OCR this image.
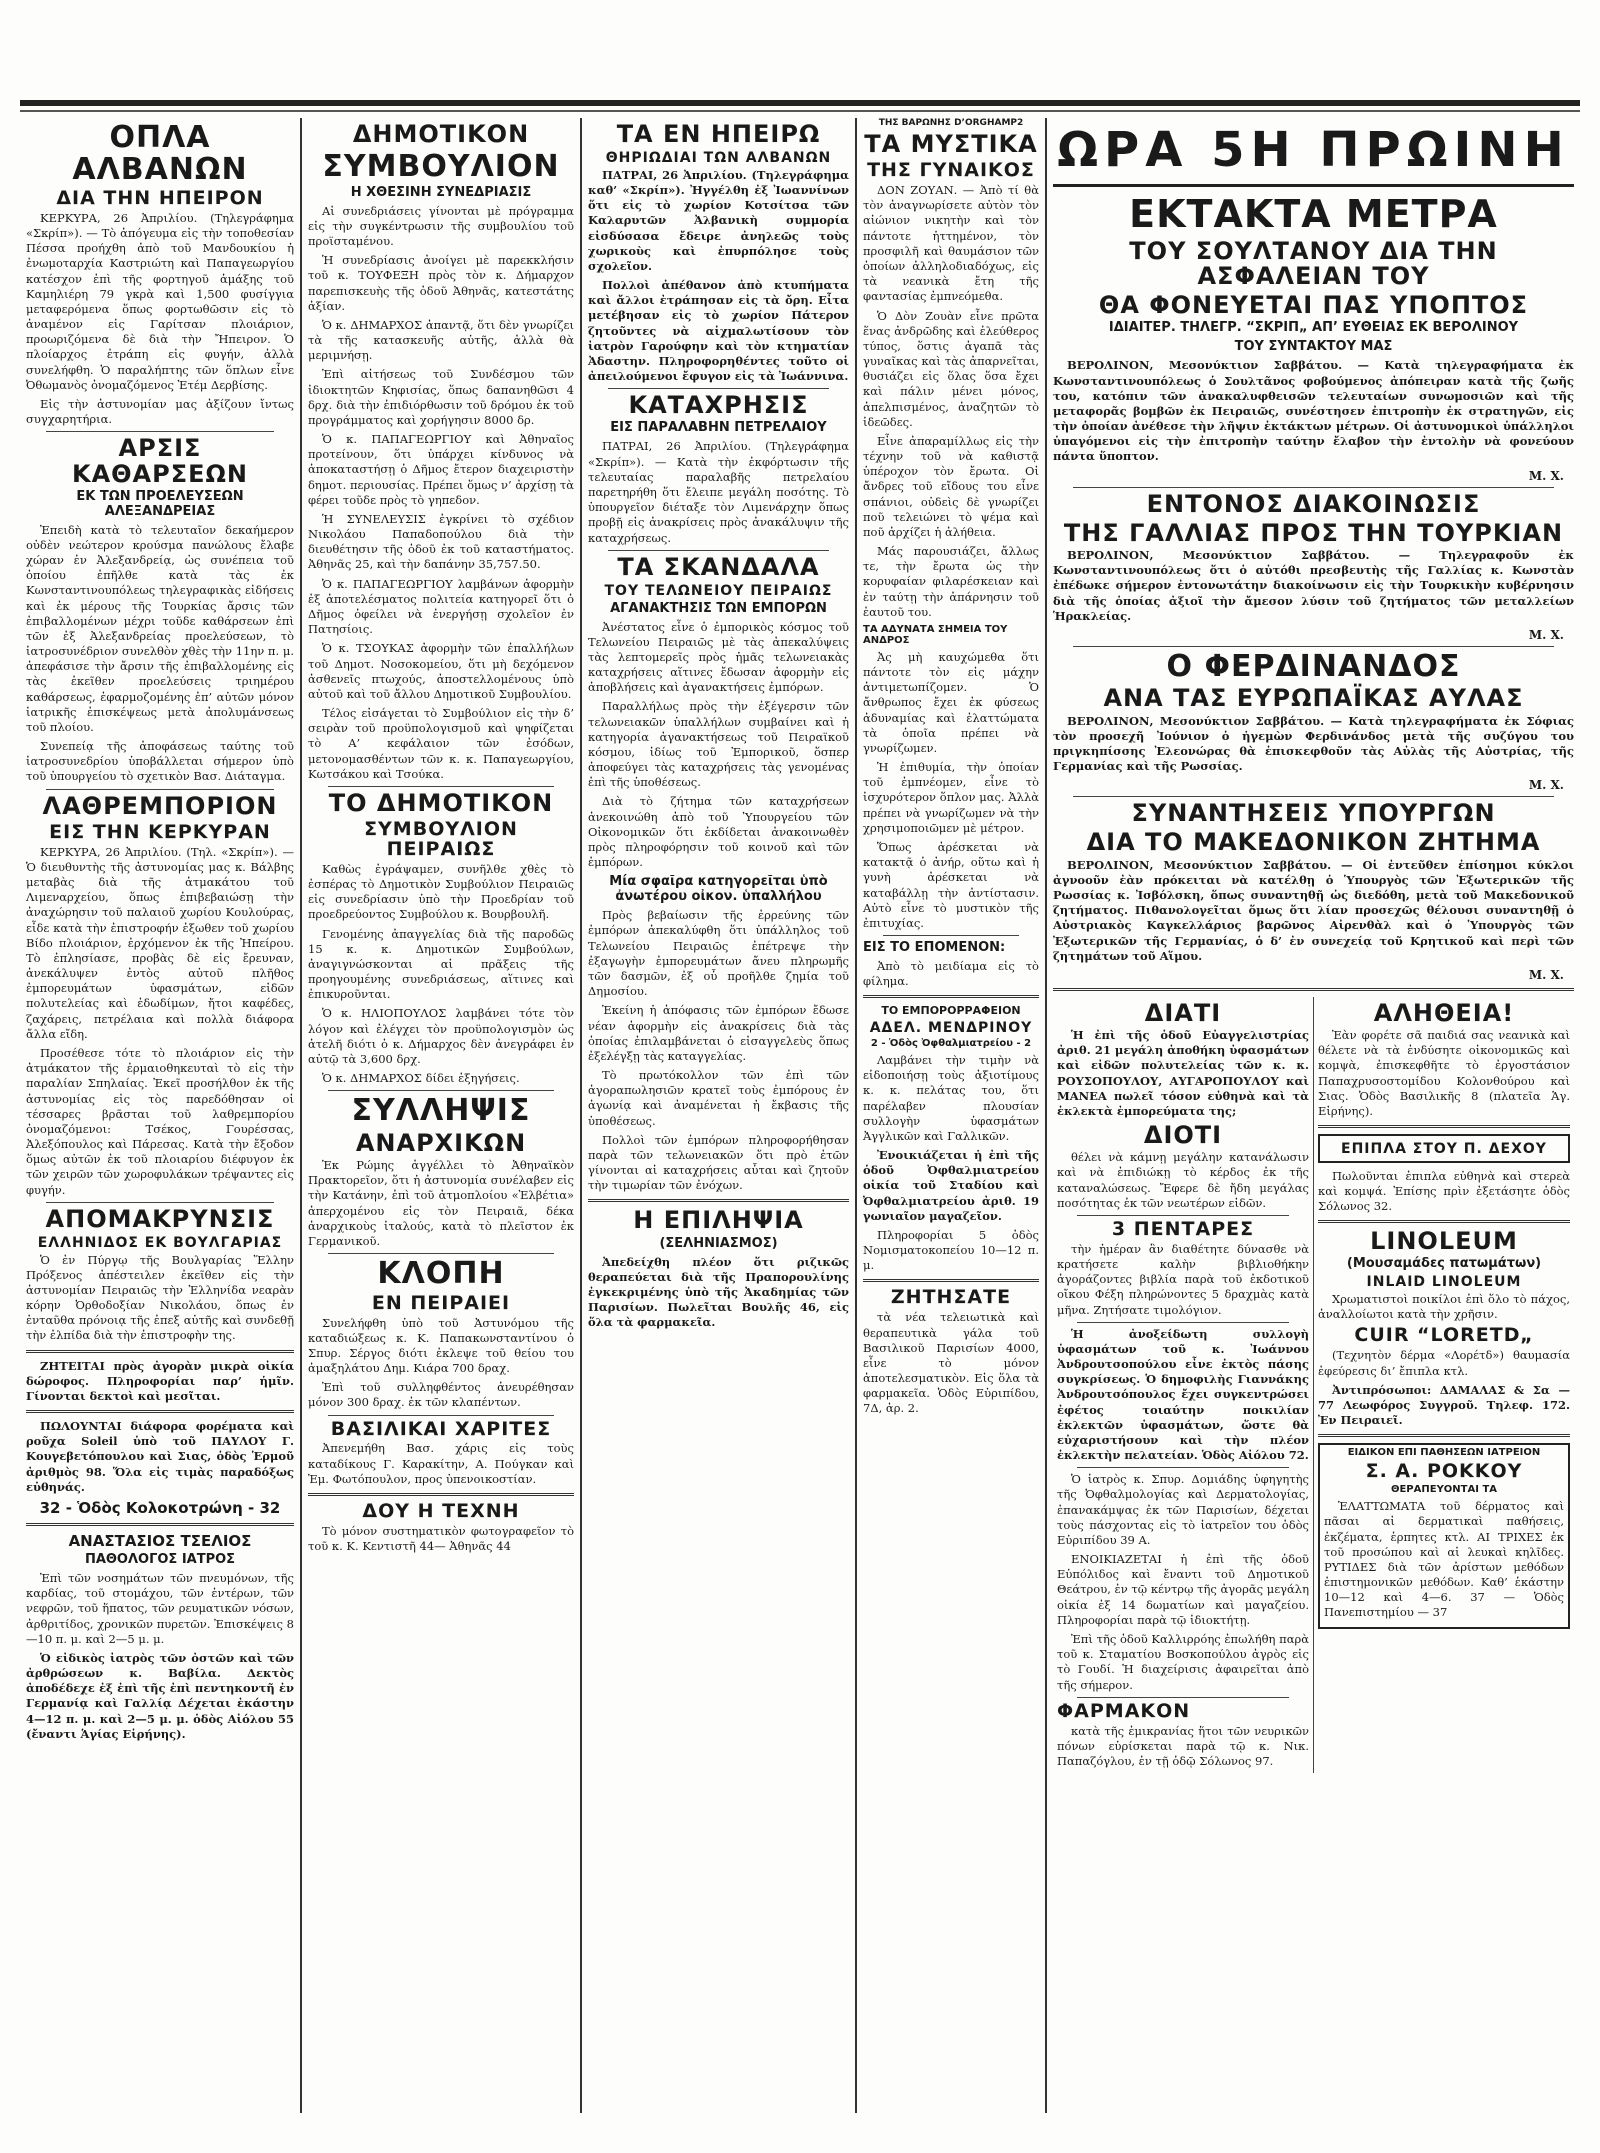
ΟΠΛΑ ΑΛΒΑΝΩΝ
ΔΙΑ ΤΗΝ ΗΠΕΙΡΟΝ

ΚΕΡΚΥΡΑ, 26 Ἀπριλίου. (Τηλεγράφημα «Σκρίπ»). — Τὸ ἀπόγευμα εἰς τὴν τοποθεσίαν Πέσσα προήχθη ἀπὸ τοῦ Μανδουκίου ἡ ἐνωμοταρχία Καστριώτη καὶ Παπαγεωργίου κατέσχον ἐπὶ τῆς φορτηγοῦ ἁμάξης τοῦ Καμηλιέρη 79 γκρὰ καὶ 1,500 φυσίγγια μεταφερόμενα ὅπως φορτωθῶσιν εἰς τὸ ἀναμένον εἰς Γαρίτσαν πλοιάριον, προωριζόμενα δὲ διὰ τὴν Ἤπειρον. Ὁ πλοίαρχος ἐτράπη εἰς φυγήν, ἀλλὰ συνελήφθη. Ὁ παραλήπτης τῶν ὅπλων εἶνε Ὀθωμανὸς ὀνομαζόμενος Ἐτέμ Δερβίσης.

Εἰς τὴν ἀστυνομίαν μας ἀξίζουν ἴντως συγχαρητήρια.

ΑΡΣΙΣ ΚΑΘΑΡΣΕΩΝ
ΕΚ ΤΩΝ ΠΡΟΕΛΕΥΣΕΩΝ ΑΛΕΞΑΝΔΡΕΙΑΣ

Ἐπειδὴ κατὰ τὸ τελευταῖον δεκαήμερον οὐδὲν νεώτερον κρούσμα πανώλους ἔλαβε χώραν ἐν Ἀλεξανδρείᾳ, ὡς συνέπεια τοῦ ὁποίου ἐπῆλθε κατὰ τὰς ἐκ Κωνσταντινουπόλεως τηλεγραφικὰς εἰδήσεις καὶ ἐκ μέρους τῆς Τουρκίας ἄρσις τῶν ἐπιβαλλομένων μέχρι τοῦδε καθάρσεων ἐπὶ τῶν ἐξ Ἀλεξανδρείας προελεύσεων, τὸ ἰατροσυνέδριον συνελθὸν χθὲς τὴν 11ην π. μ. ἀπεφάσισε τὴν ἄρσιν τῆς ἐπιβαλλομένης εἰς τὰς ἐκεῖθεν προελεύσεις τριημέρου καθάρσεως, ἐφαρμοζομένης ἐπ’ αὐτῶν μόνον ἰατρικῆς ἐπισκέψεως μετὰ ἀπολυμάνσεως τοῦ πλοίου.

Συνεπείᾳ τῆς ἀποφάσεως ταύτης τοῦ ἰατροσυνεδρίου ὑποβάλλεται σήμερον ὑπὸ τοῦ ὑπουργείου τὸ σχετικὸν Βασ. Διάταγμα.

ΛΑΘΡΕΜΠΟΡΙΟΝ
ΕΙΣ ΤΗΝ ΚΕΡΚΥΡΑΝ

ΚΕΡΚΥΡΑ, 26 Ἀπριλίου. (Τηλ. «Σκρίπ»). — Ὁ διευθυντὴς τῆς ἀστυνομίας μας κ. Βάλβης μεταβὰς διὰ τῆς ἀτμακάτου τοῦ Λιμεναρχείου, ὅπως ἐπιβεβαιώσῃ τὴν ἀναχώρησιν τοῦ παλαιοῦ χωρίου Κουλούρας, εἶδε κατὰ τὴν ἐπιστροφήν ἐξωθεν τοῦ χωρίου Βίδο πλοιάριον, ἐρχόμενον ἐκ τῆς Ἠπείρου. Τὸ ἐπλησίασε, προβὰς δὲ εἰς ἔρευναν, ἀνεκάλυψεν ἐντὸς αὐτοῦ πλῆθος ἐμπορευμάτων ὑφασμάτων, εἰδῶν πολυτελείας καὶ ἐδωδίμων, ἤτοι καφέδες, ζαχάρεις, πετρέλαια καὶ πολλὰ διάφορα ἄλλα εἴδη.

Προσέθεσε τότε τὸ πλοιάριον εἰς τὴν ἀτμάκατον τῆς ἐρμαιοθηκευταὶ τὸ εἰς τὴν παραλίαν Σπηλαίας. Ἐκεῖ προσήλθον ἐκ τῆς ἀστυνομίας εἰς τὸς παρεδόθησαν οἱ τέσσαρες βρᾶσται τοῦ λαθρεμπορίου ὀνομαζόμενοι: Τσέκος, Γουρέσσας, Ἀλεξόπουλος καὶ Πάρεσας. Κατὰ τὴν ἔξοδον ὅμως αὐτῶν ἐκ τοῦ πλοιαρίου διέφυγον ἐκ τῶν χειρῶν τῶν χωροφυλάκων τρέψαντες εἰς φυγήν.

ΑΠΟΜΑΚΡΥΝΣΙΣ
ΕΛΛΗΝΙΔΟΣ ΕΚ ΒΟΥΛΓΑΡΙΑΣ

Ὁ ἐν Πύργῳ τῆς Βουλγαρίας Ἕλλην Πρόξενος ἀπέστειλεν ἐκεῖθεν εἰς τὴν ἀστυνομίαν Πειραιῶς τὴν Ἑλληνίδα νεαρὰν κόρην Ὀρθοδοξίαν Νικολάου, ὅπως ἐν ἐνταῦθα πρόνοιᾳ τῆς ἐπεξ αὐτῆς καὶ συνδεθῇ τὴν ἐλπίδα διὰ τὴν ἐπιστροφὴν της.

ΖΗΤΕΙΤΑΙ πρὸς ἀγορὰν μικρὰ οἰκία δώροφος. Πληροφορίαι παρ’ ἡμῖν. Γίνονται δεκτοὶ καὶ μεσῖται.

ΠΩΛΟΥΝΤΑΙ διάφορα φορέματα καὶ ροῦχα Soleil ὑπὸ τοῦ ΠΑΥΛΟΥ Γ. Κουγεβετόπουλου καὶ Σιας, ὁδὸς Ἑρμοῦ ἀριθμὸς 98. Ὅλα εἰς τιμὰς παραδόξως εὐθηνάς.

32 - Ὁδὸς Κολοκοτρώνη - 32
ΑΝΑΣΤΑΣΙΟΣ ΤΣΕΛΙΟΣ
ΠΑΘΟΛΟΓΟΣ ΙΑΤΡΟΣ

Ἐπὶ τῶν νοσημάτων τῶν πνευμόνων, τῆς καρδίας, τοῦ στομάχου, τῶν ἐντέρων, τῶν νεφρῶν, τοῦ ἥπατος, τῶν ρευματικῶν νόσων, ἀρθριτίδος, χρονικῶν πυρετῶν. Ἐπισκέψεις 8—10 π. μ. καὶ 2—5 μ. μ.

Ὁ εἰδικὸς ἰατρὸς τῶν ὀστῶν καὶ τῶν ἀρθρώσεων κ. Βαβίλα. Δεκτὸς ἀποδέδεχε ἐξ ἐπὶ τῆς ἐπὶ πεντηκοντῆ ἐν Γερμανίᾳ καὶ Γαλλίᾳ Δέχεται ἐκάστην 4—12 π. μ. καὶ 2—5 μ. μ. ὁδὸς Αἰόλου 55 (ἔναντι Ἁγίας Εἰρήνης).

ΔΗΜΟΤΙΚΟΝ
ΣΥΜΒΟΥΛΙΟΝ
Η ΧΘΕΣΙΝΗ ΣΥΝΕΔΡΙΑΣΙΣ

Αἱ συνεδριάσεις γίνονται μὲ πρόγραμμα εἰς τὴν συγκέντρωσιν τῆς συμβουλίου τοῦ προϊσταμένου.

Ἡ συνεδρίασις ἀνοίγει μὲ παρεκκλήσιν τοῦ κ. ΤΟΥΦΕΞΗ πρὸς τὸν κ. Δήμαρχον παρεπισκευὴς τῆς ὁδοῦ Ἀθηνᾶς, κατεστάτης ἀξίαν.

Ὁ κ. ΔΗΜΑΡΧΟΣ ἀπαντᾷ, ὅτι δὲν γνωρίζει τὰ τῆς κατασκευῆς αὐτῆς, ἀλλὰ θὰ μεριμνήσῃ.

Ἐπὶ αἰτήσεως τοῦ Συνδέσμου τῶν ἰδιοκτητῶν Κηφισίας, ὅπως δαπανηθῶσι 4 δρχ. διὰ τὴν ἐπιδιόρθωσιν τοῦ δρόμου ἐκ τοῦ προγράμματος καὶ χορήγησιν 8000 δρ.

Ὁ κ. ΠΑΠΑΓΕΩΡΓΙΟΥ καὶ Ἀθηναῖος προτείνουν, ὅτι ὑπάρχει κίνδυνος νὰ ἀποκαταστήσῃ ὁ Δῆμος ἔτερον διαχειριστὴν δημοτ. περιουσίας. Πρέπει ὅμως ν’ ἀρχίσῃ τὰ φέρει τοῦδε πρὸς τὸ γηπεδον.

Ἡ ΣΥΝΕΛΕΥΣΙΣ ἐγκρίνει τὸ σχέδιον Νικολάου Παπαδοπούλου διὰ τὴν διευθέτησιν τῆς ὁδοῦ ἐκ τοῦ καταστήματος. Ἀθηνᾶς 25, καὶ τὴν δαπάνην 35,757.50.

Ὁ κ. ΠΑΠΑΓΕΩΡΓΙΟΥ λαμβάνων ἀφορμὴν ἐξ ἀποτελέσματος πολιτεία κατηγορεῖ ὅτι ὁ Δῆμος ὀφείλει νὰ ἐνεργήσῃ σχολεῖον ἐν Πατησίοις.

Ὁ κ. ΤΣΟΥΚΑΣ ἀφορμὴν τῶν ἐπαλλήλων τοῦ Δημοτ. Νοσοκομείου, ὅτι μὴ δεχόμενον ἀσθενεῖς πτωχούς, ἀποστελλομένους ὑπὸ αὐτοῦ καὶ τοῦ ἄλλου Δημοτικοῦ Συμβουλίου.

Τέλος εἰσάγεται τὸ Συμβούλιον εἰς τὴν δ’ σειρὰν τοῦ προϋπολογισμοῦ καὶ ψηφίζεται τὸ Α’ κεφάλαιον τῶν ἐσόδων, μετονομασθέντων τῶν κ. κ. Παπαγεωργίου, Κωτσάκου καὶ Τσούκα.

ΤΟ ΔΗΜΟΤΙΚΟΝ
ΣΥΜΒΟΥΛΙΟΝ ΠΕΙΡΑΙΩΣ

Καθὼς ἐγράψαμεν, συνῆλθε χθὲς τὸ ἐσπέρας τὸ Δημοτικὸν Συμβούλιον Πειραιῶς εἰς συνεδρίασιν ὑπὸ τὴν Προεδρίαν τοῦ προεδρεύοντος Συμβούλου κ. Βουρβουλῆ.

Γενομένης ἀπαγγελίας διὰ τῆς παροδῶς 15 κ. κ. Δημοτικῶν Συμβούλων, ἀναγιγνώσκονται αἱ πρᾶξεις τῆς προηγουμένης συνεδριάσεως, αἵτινες καὶ ἐπικυροῦνται.

Ὁ κ. ΗΛΙΟΠΟΥΛΟΣ λαμβάνει τότε τὸν λόγον καὶ ἐλέγχει τὸν προϋπολογισμὸν ὡς ἀτελῆ διότι ὁ κ. Δήμαρχος δὲν ἀνεγράφει ἐν αὐτῷ τὰ 3,600 δρχ.

Ὁ κ. ΔΗΜΑΡΧΟΣ δίδει ἐξηγήσεις.

ΣΥΛΛΗΨΙΣ
ΑΝΑΡΧΙΚΩΝ

Ἐκ Ρώμης ἀγγέλλει τὸ Ἀθηναϊκὸν Πρακτορεῖον, ὅτι ἡ ἀστυνομία συνέλαβεν εἰς τὴν Κατάνην, ἐπὶ τοῦ ἀτμοπλοίου «Ἐλβέτια» ἀπερχομένου εἰς τὸν Πειραιᾶ, δέκα ἀναρχικοὺς ἰταλούς, κατὰ τὸ πλεῖστον ἐκ Γερμανικοῦ.

ΚΛΟΠΗ
ΕΝ ΠΕΙΡΑΙΕΙ

Συνελήφθη ὑπὸ τοῦ Ἀστυνόμου τῆς καταδιώξεως κ. Κ. Παπακωνσταντίνου ὁ Σπυρ. Σέργος διότι ἐκλεψε τοῦ θείου του ἀμαξηλάτου Δημ. Κιάρα 700 δραχ.

Ἐπὶ τοῦ συλληφθέντος ἀνευρέθησαν μόνον 300 δραχ. ἐκ τῶν κλαπέντων.

ΒΑΣΙΛΙΚΑΙ ΧΑΡΙΤΕΣ

Ἀπενεμήθη Βασ. χάρις εἰς τοὺς καταδίκους Γ. Καρακίτην, Α. Πούγκαν καὶ Ἐμ. Φωτόπουλον, προς ὑπενοικοστίαν.

ΔΟΥ Η ΤΕΧΝΗ

Τὸ μόνον συστηματικὸν φωτογραφεῖον τὸ τοῦ κ. Κ. Κεντιστῆ 44— Ἀθηνᾶς 44

ΤΑ ΕΝ ΗΠΕΙΡΩ
ΘΗΡΙΩΔΙΑΙ ΤΩΝ ΑΛΒΑΝΩΝ

ΠΑΤΡΑΙ, 26 Ἀπριλίου. (Τηλεγράφημα καθ’ «Σκρίπ»). Ἠγγέλθη ἐξ Ἰωαννίνων ὅτι εἰς τὸ χωρίον Κοτσίτσα τῶν Καλαρυτῶν Ἀλβανικὴ συμμορία εἰσδύσασα ἔδειρε ἀνηλεῶς τοὺς χωρικοὺς καὶ ἐπυρπόλησε τοὺς σχολεῖον.

Πολλοὶ ἀπέθανον ἀπὸ κτυπήματα καὶ ἄλλοι ἐτράπησαν εἰς τὰ ὄρη. Εἶτα μετέβησαν εἰς τὸ χωρίον Πάτερον ζητοῦντες νὰ αἰχμαλωτίσουν τὸν ἰατρὸν Γαρούφην καὶ τὸν κτηματίαν Ἀδαστην. Πληροφορηθέντες τοῦτο οἱ ἀπειλούμενοι ἔφυγον εἰς τὰ Ἰωάννινα.

ΚΑΤΑΧΡΗΣΙΣ
ΕΙΣ ΠΑΡΑΛΑΒΗΝ ΠΕΤΡΕΛΑΙΟΥ

ΠΑΤΡΑΙ, 26 Ἀπριλίου. (Τηλεγράφημα «Σκρίπ»). — Κατὰ τὴν ἐκφόρτωσιν τῆς τελευταίας παραλαβῆς πετρελαίου παρετηρήθη ὅτι ἔλειπε μεγάλη ποσότης. Τὸ ὑπουργεῖον διέταξε τὸν Λιμενάρχην ὅπως προβῇ εἰς ἀνακρίσεις πρὸς ἀνακάλυψιν τῆς καταχρήσεως.

ΤΑ ΣΚΑΝΔΑΛΑ
ΤΟΥ ΤΕΛΩΝΕΙΟΥ ΠΕΙΡΑΙΩΣ
ΑΓΑΝΑΚΤΗΣΙΣ ΤΩΝ ΕΜΠΟΡΩΝ

Ἀνέστατος εἶνε ὁ ἐμπορικὸς κόσμος τοῦ Τελωνείου Πειραιῶς μὲ τὰς ἀπεκαλύψεις τὰς λεπτομερεῖς πρὸς ἡμᾶς τελωνειακὰς καταχρήσεις αἵτινες ἔδωσαν ἀφορμὴν εἰς ἀποβλήσεις καὶ ἀγανακτήσεις ἐμπόρων.

Παραλλήλως πρὸς τὴν ἐξέγερσιν τῶν τελωνειακῶν ὑπαλλήλων συμβαίνει καὶ ἡ κατηγορία ἀγανακτήσεως τοῦ Πειραϊκοῦ κόσμου, ἰδίως τοῦ Ἐμπορικοῦ, ὅσπερ ἀποφεύγει τὰς καταχρήσεις τὰς γενομένας ἐπὶ τῆς ὑποθέσεως.

Διὰ τὸ ζήτημα τῶν καταχρήσεων ἀνεκοινώθη ἀπὸ τοῦ Ὑπουργείου τῶν Οἰκονομικῶν ὅτι ἐκδίδεται ἀνακοινωθὲν πρὸς πληροφόρησιν τοῦ κοινοῦ καὶ τῶν ἐμπόρων.

Μία σφαῖρα κατηγορεῖται ὑπὸ ἀνωτέρου οἰκον. ὑπαλλήλου

Πρὸς βεβαίωσιν τῆς ἐρρεύνης τῶν ἐμπόρων ἀπεκαλύφθη ὅτι ὑπάλληλος τοῦ Τελωνείου Πειραιῶς ἐπέτρεψε τὴν ἐξαγωγὴν ἐμπορευμάτων ἄνευ πληρωμῆς τῶν δασμῶν, ἐξ οὗ προῆλθε ζημία τοῦ Δημοσίου.

Ἐκείνη ἡ ἀπόφασις τῶν ἐμπόρων ἔδωσε νέαν ἀφορμὴν εἰς ἀνακρίσεις διὰ τὰς ὁποίας ἐπιλαμβάνεται ὁ εἰσαγγελεὺς ὅπως ἐξελέγξῃ τὰς καταγγελίας.

Τὸ πρωτόκολλον τῶν ἐπὶ τῶν ἀγοραπωλησιῶν κρατεῖ τοὺς ἐμπόρους ἐν ἀγωνίᾳ καὶ ἀναμένεται ἡ ἔκβασις τῆς ὑποθέσεως.

Πολλοὶ τῶν ἐμπόρων πληροφορήθησαν παρὰ τῶν τελωνειακῶν ὅτι πρὸ ἐτῶν γίνονται αἱ καταχρήσεις αὗται καὶ ζητοῦν τὴν τιμωρίαν τῶν ἐνόχων.

Η ΕΠΙΛΗΨΙΑ
(ΣΕΛΗΝΙΑΣΜΟΣ)

Ἀπεδείχθη πλέον ὅτι ριζικῶς θεραπεύεται διὰ τῆς Πραπορουλίνης ἐγκεκριμένης ὑπὸ τῆς Ἀκαδημίας τῶν Παρισίων. Πωλεῖται Βουλῆς 46, εἰς ὅλα τὰ φαρμακεῖα.

ΤΗΣ ΒΑΡΩΝΗΣ D’ORGHAMP2
ΤΑ ΜΥΣΤΙΚΑ
ΤΗΣ ΓΥΝΑΙΚΟΣ

ΔΟΝ ΖΟΥΑΝ. — Ἀπὸ τί θὰ τὸν ἀναγνωρίσετε αὐτὸν τὸν αἰώνιον νικητὴν καὶ τὸν πάντοτε ἡττημένον, τὸν προσφιλῆ καὶ θαυμάσιον τῶν ὁποίων ἀλληλοδιαδόχως, εἰς τὰ νεανικὰ ἔτη τῆς φαντασίας ἐμπνεόμεθα.

Ὁ Δὸν Ζουὰν εἶνε πρῶτα ἕνας ἀνδρῶδης καὶ ἐλεύθερος τύπος, ὅστις ἀγαπᾶ τὰς γυναῖκας καὶ τὰς ἀπαρνεῖται, θυσιάζει εἰς ὅλας ὅσα ἔχει καὶ πάλιν μένει μόνος, ἀπελπισμένος, ἀναζητῶν τὸ ἰδεῶδες.

Εἶνε ἀπαραμίλλως εἰς τὴν τέχνην τοῦ νὰ καθιστᾷ ὑπέροχον τὸν ἔρωτα. Οἱ ἄνδρες τοῦ εἴδους του εἶνε σπάνιοι, οὐδεὶς δὲ γνωρίζει ποῦ τελειώνει τὸ ψέμα καὶ ποῦ ἀρχίζει ἡ ἀλήθεια.

Μάς παρουσιάζει, ἄλλως τε, τὴν ἔρωτα ὡς τὴν κορυφαίαν φιλαρέσκειαν καὶ ἐν ταύτῃ τὴν ἀπάρνησιν τοῦ ἑαυτοῦ του.

ΤΑ ΑΔΥΝΑΤΑ ΣΗΜΕΙΑ ΤΟΥ ΑΝΔΡΟΣ

Ἀς μὴ καυχώμεθα ὅτι πάντοτε τὸν εἰς μάχην ἀντιμετωπίζομεν. Ὁ ἄνθρωπος ἔχει ἐκ φύσεως ἀδυναμίας καὶ ἐλαττώματα τὰ ὁποῖα πρέπει νὰ γνωρίζωμεν.

Ἡ ἐπιθυμία, τὴν ὁποίαν τοῦ ἐμπνέομεν, εἶνε τὸ ἰσχυρότερον ὅπλον μας. Ἀλλὰ πρέπει νὰ γνωρίζωμεν νὰ τὴν χρησιμοποιῶμεν μὲ μέτρον.

Ὅπως ἀρέσκεται νὰ κατακτᾷ ὁ ἀνήρ, οὕτω καὶ ἡ γυνὴ ἀρέσκεται νὰ καταβάλλῃ τὴν ἀντίστασιν. Αὐτὸ εἶνε τὸ μυστικὸν τῆς ἐπιτυχίας.

ΕΙΣ ΤΟ ΕΠΟΜΕΝΟΝ:

Ἀπὸ τὸ μειδίαμα εἰς τὸ φίλημα.

ΤΟ ΕΜΠΟΡΟΡΡΑΦΕΙΟΝ
ΑΔΕΛ. ΜΕΝΔΡΙΝΟΥ
2 - Ὁδὸς Ὀφθαλμιατρείου - 2

Λαμβάνει τὴν τιμὴν νὰ εἰδοποιήσῃ τοὺς ἀξιοτίμους κ. κ. πελάτας του, ὅτι παρέλαβεν πλουσίαν συλλογὴν ὑφασμάτων Ἀγγλικῶν καὶ Γαλλικῶν.

Ἐνοικιάζεται ἡ ἐπὶ τῆς ὁδοῦ Ὀφθαλμιατρείου οἰκία τοῦ Σταδίου καὶ Ὀφθαλμιατρείου ἀριθ. 19 γωνιαῖον μαγαζεῖον.

Πληροφορίαι 5 ὁδὸς Νομισματοκοπείου 10—12 π. μ.

ΖΗΤΗΣΑΤΕ

τὰ νέα τελειωτικὰ καὶ θεραπευτικὰ γάλα τοῦ Βασιλικοῦ Παρισίων 4000, εἶνε τὸ μόνον ἀποτελεσματικὸν. Εἰς ὅλα τὰ φαρμακεῖα. Ὁδὸς Εὐριπίδου, 7Δ, ἀρ. 2.

ΩΡΑ 5Η ΠΡΩΙΝΗ
ΕΚΤΑΚΤΑ ΜΕΤΡΑ
ΤΟΥ ΣΟΥΛΤΑΝΟΥ ΔΙΑ ΤΗΝ ΑΣΦΑΛΕΙΑΝ ΤΟΥ
ΘΑ ΦΟΝΕΥΕΤΑΙ ΠΑΣ ΥΠΟΠΤΟΣ
ΙΔΙΑΙΤΕΡ. ΤΗΛΕΓΡ. “ΣΚΡΙΠ„ ΑΠ’ ΕΥΘΕΙΑΣ ΕΚ ΒΕΡΟΛΙΝΟΥ
ΤΟΥ ΣΥΝΤΑΚΤΟΥ ΜΑΣ

ΒΕΡΟΛΙΝΟΝ, Μεσονύκτιον Σαββάτου. — Κατὰ τηλεγραφήματα ἐκ Κωνσταντινουπόλεως ὁ Σουλτᾶνος φοβούμενος ἀπόπειραν κατὰ τῆς ζωῆς του, κατόπιν τῶν ἀνακαλυφθεισῶν τελευταίων συνωμοσιῶν καὶ τῆς μεταφορᾶς βομβῶν ἐκ Πειραιῶς, συνέστησεν ἐπιτροπὴν ἐκ στρατηγῶν, εἰς τὴν ὁποίαν ἀνέθεσε τὴν λῆψιν ἐκτάκτων μέτρων. Οἱ ἀστυνομικοὶ ὑπάλληλοι ὑπαγόμενοι εἰς τὴν ἐπιτροπὴν ταύτην ἔλαβον τὴν ἐντολὴν νὰ φονεύουν πάντα ὕποπτον.

Μ. Χ.
ΕΝΤΟΝΟΣ ΔΙΑΚΟΙΝΩΣΙΣ
ΤΗΣ ΓΑΛΛΙΑΣ ΠΡΟΣ ΤΗΝ ΤΟΥΡΚΙΑΝ

ΒΕΡΟΛΙΝΟΝ, Μεσονύκτιον Σαββάτου. — Τηλεγραφοῦν ἐκ Κωνσταντινουπόλεως ὅτι ὁ αὐτόθι πρεσβευτὴς τῆς Γαλλίας κ. Κωνστὰν ἐπέδωκε σήμερον ἐντονωτάτην διακοίνωσιν εἰς τὴν Τουρκικὴν κυβέρνησιν διὰ τῆς ὁποίας ἀξιοῖ τὴν ἄμεσον λύσιν τοῦ ζητήματος τῶν μεταλλείων Ἡρακλείας.

Μ. Χ.
Ο ΦΕΡΔΙΝΑΝΔΟΣ
ΑΝΑ ΤΑΣ ΕΥΡΩΠΑΪΚΑΣ ΑΥΛΑΣ

ΒΕΡΟΛΙΝΟΝ, Μεσονύκτιον Σαββάτου. — Κατὰ τηλεγραφήματα ἐκ Σόφιας τὸν προσεχῆ Ἰούνιον ὁ ἡγεμὼν Φερδινάνδος μετὰ τῆς συζύγου του πριγκηπίσσης Ἐλεονώρας θὰ ἐπισκεφθοῦν τὰς Αὐλὰς τῆς Αὐστρίας, τῆς Γερμανίας καὶ τῆς Ρωσσίας.

Μ. Χ.
ΣΥΝΑΝΤΗΣΕΙΣ ΥΠΟΥΡΓΩΝ
ΔΙΑ ΤΟ ΜΑΚΕΔΟΝΙΚΟΝ ΖΗΤΗΜΑ

ΒΕΡΟΛΙΝΟΝ, Μεσονύκτιον Σαββάτου. — Οἱ ἐντεῦθεν ἐπίσημοι κύκλοι ἀγνοοῦν ἐὰν πρόκειται νὰ κατέλθῃ ὁ Ὑπουργὸς τῶν Ἐξωτερικῶν τῆς Ρωσσίας κ. Ἰσβόλσκη, ὅπως συναντηθῇ ὡς διεδόθη, μετὰ τοῦ Μακεδονικοῦ ζητήματος. Πιθανολογεῖται ὅμως ὅτι λίαν προσεχῶς θέλουσι συναντηθῇ ὁ Αὐστριακὸς Καγκελλάριος βαρῶνος Αἰρενθὰλ καὶ ὁ Ὑπουργὸς τῶν Ἐξωτερικῶν τῆς Γερμανίας, ὁ δ’ ἐν συνεχείᾳ τοῦ Κρητικοῦ καὶ περὶ τῶν ζητημάτων τοῦ Αἵμου.

Μ. Χ.
ΔΙΑΤΙ

Ἡ ἐπὶ τῆς ὁδοῦ Εὐαγγελιστρίας ἀριθ. 21 μεγάλη ἀποθήκη ὑφασμάτων καὶ εἰδῶν πολυτελείας τῶν κ. κ. ΡΟΥΣΟΠΟΥΛΟΥ, ΑΥΓΑΡΟΠΟΥΛΟΥ καὶ ΜΑΝΕΑ πωλεῖ τόσον εὐθηνὰ καὶ τὰ ἐκλεκτὰ ἐμπορεύματα της;

ΔΙΟΤΙ

θέλει νὰ κάμνῃ μεγάλην κατανάλωσιν καὶ νὰ ἐπιδιώκῃ τὸ κέρδος ἐκ τῆς καταναλώσεως. Ἔφερε δὲ ἤδη μεγάλας ποσότητας ἐκ τῶν νεωτέρων εἰδῶν.

3 ΠΕΝΤΑΡΕΣ

τὴν ἡμέραν ἂν διαθέτητε δύνασθε νὰ κρατήσετε καλὴν βιβλιοθήκην ἀγοράζοντες βιβλία παρὰ τοῦ ἐκδοτικοῦ οἴκου Φέξη πληρώνοντες 5 δραχμὰς κατὰ μῆνα. Ζητήσατε τιμολόγιον.

Ἡ ἀνοξείδωτη συλλογὴ ὑφασμάτων τοῦ κ. Ἰωάννου Ἀνδρουτσοπούλου εἶνε ἐκτὸς πάσης συγκρίσεως. Ὁ δημοφιλὴς Γιαννάκης Ἀνδρουτσόπουλος ἔχει συγκεντρώσει ἐφέτος τοιαύτην ποικιλίαν ἐκλεκτῶν ὑφασμάτων, ὥστε θὰ εὐχαριστήσουν καὶ τὴν πλέον ἐκλεκτὴν πελατείαν. Ὁδὸς Αἰόλου 72.

Ὁ ἰατρὸς κ. Σπυρ. Δομιάδης ὑφηγητὴς τῆς Ὀφθαλμολογίας καὶ Δερματολογίας, ἐπανακάμψας ἐκ τῶν Παρισίων, δέχεται τοὺς πάσχοντας εἰς τὸ ἰατρεῖον του ὁδὸς Εὐριπίδου 39 Α.

ΕΝΟΙΚΙΑΖΕΤΑΙ ἡ ἐπὶ τῆς ὁδοῦ Εὐπόλιδος καὶ ἔναντι τοῦ Δημοτικοῦ Θεάτρου, ἐν τῷ κέντρῳ τῆς ἀγορᾶς μεγάλη οἰκία ἐξ 14 δωματίων καὶ μαγαζείου. Πληροφορίαι παρὰ τῷ ἰδιοκτήτῃ.

Ἐπὶ τῆς ὁδοῦ Καλλιρρόης ἐπωλήθη παρὰ τοῦ κ. Σταματίου Βοσκοπούλου ἀγρὸς εἰς τὸ Γουδί. Ἡ διαχείρισις ἀφαιρεῖται ἀπὸ τῆς σήμερον.

ΦΑΡΜΑΚΟΝ

κατὰ τῆς ἐμικρανίας ἥτοι τῶν νευρικῶν πόνων εὑρίσκεται παρὰ τῷ κ. Νικ. Παπαζόγλου, ἐν τῇ ὁδῷ Σόλωνος 97.

ΑΛΗΘΕΙΑ!

Ἐὰν φορέτε σᾶ παιδιά σας νεανικὰ καὶ θέλετε νὰ τὰ ἐνδύσητε οἰκονομικῶς καὶ κομψὰ, ἐπισκεφθῆτε τὸ ἐργοστάσιον Παπαχρυσοστομίδου Κολονθούρου καὶ Σιας. Ὁδὸς Βασιλικῆς 8 (πλατεῖα Ἁγ. Εἰρήνης).

ΕΠΙΠΛΑ ΣΤΟΥ Π. ΔΕΧΟΥ

Πωλοῦνται ἐπιπλα εὐθηνὰ καὶ στερεὰ καὶ κομψά. Ἐπίσης πρὶν ἐξετάσητε ὁδὸς Σόλωνος 32.

LINOLEUM
(Μουσαμάδες πατωμάτων)
INLAID LINOLEUM

Χρωματιστοὶ ποικίλοι ἐπὶ ὅλο τὸ πάχος, ἀναλλοίωτοι κατὰ τὴν χρῆσιν.

CUIR “LORETD„

(Τεχνητὸν δέρμα «Λορέτδ») θαυμασία ἐφεύρεσις δι’ ἔπιπλα κτλ.

Ἀντιπρόσωποι: ΔΑΜΑΛΑΣ & Σα — 77 Λεωφόρος Συγγροῦ. Τηλεφ. 172. Ἐν Πειραιεῖ.

ΕΙΔΙΚΟΝ ΕΠΙ ΠΑΘΗΣΕΩΝ ΙΑΤΡΕΙΟΝ
Σ. Α. ΡΟΚΚΟΥ
ΘΕΡΑΠΕΥΟΝΤΑΙ ΤΑ

ἙΛΑΤΤΩΜΑΤΑ τοῦ δέρματος καὶ πᾶσαι αἱ δερματικαὶ παθήσεις, ἐκζέματα, ἑρπητες κτλ. ΑΙ ΤΡΙΧΕΣ ἐκ τοῦ προσώπου καὶ αἱ λευκαὶ κηλῖδες. ΡΥΤΙΔΕΣ διὰ τῶν ἀρίστων μεθόδων ἐπιστημονικῶν μεθόδων. Καθ’ ἑκάστην 10—12 καὶ 4—6. 37 — Ὁδὸς Πανεπιστημίου — 37
